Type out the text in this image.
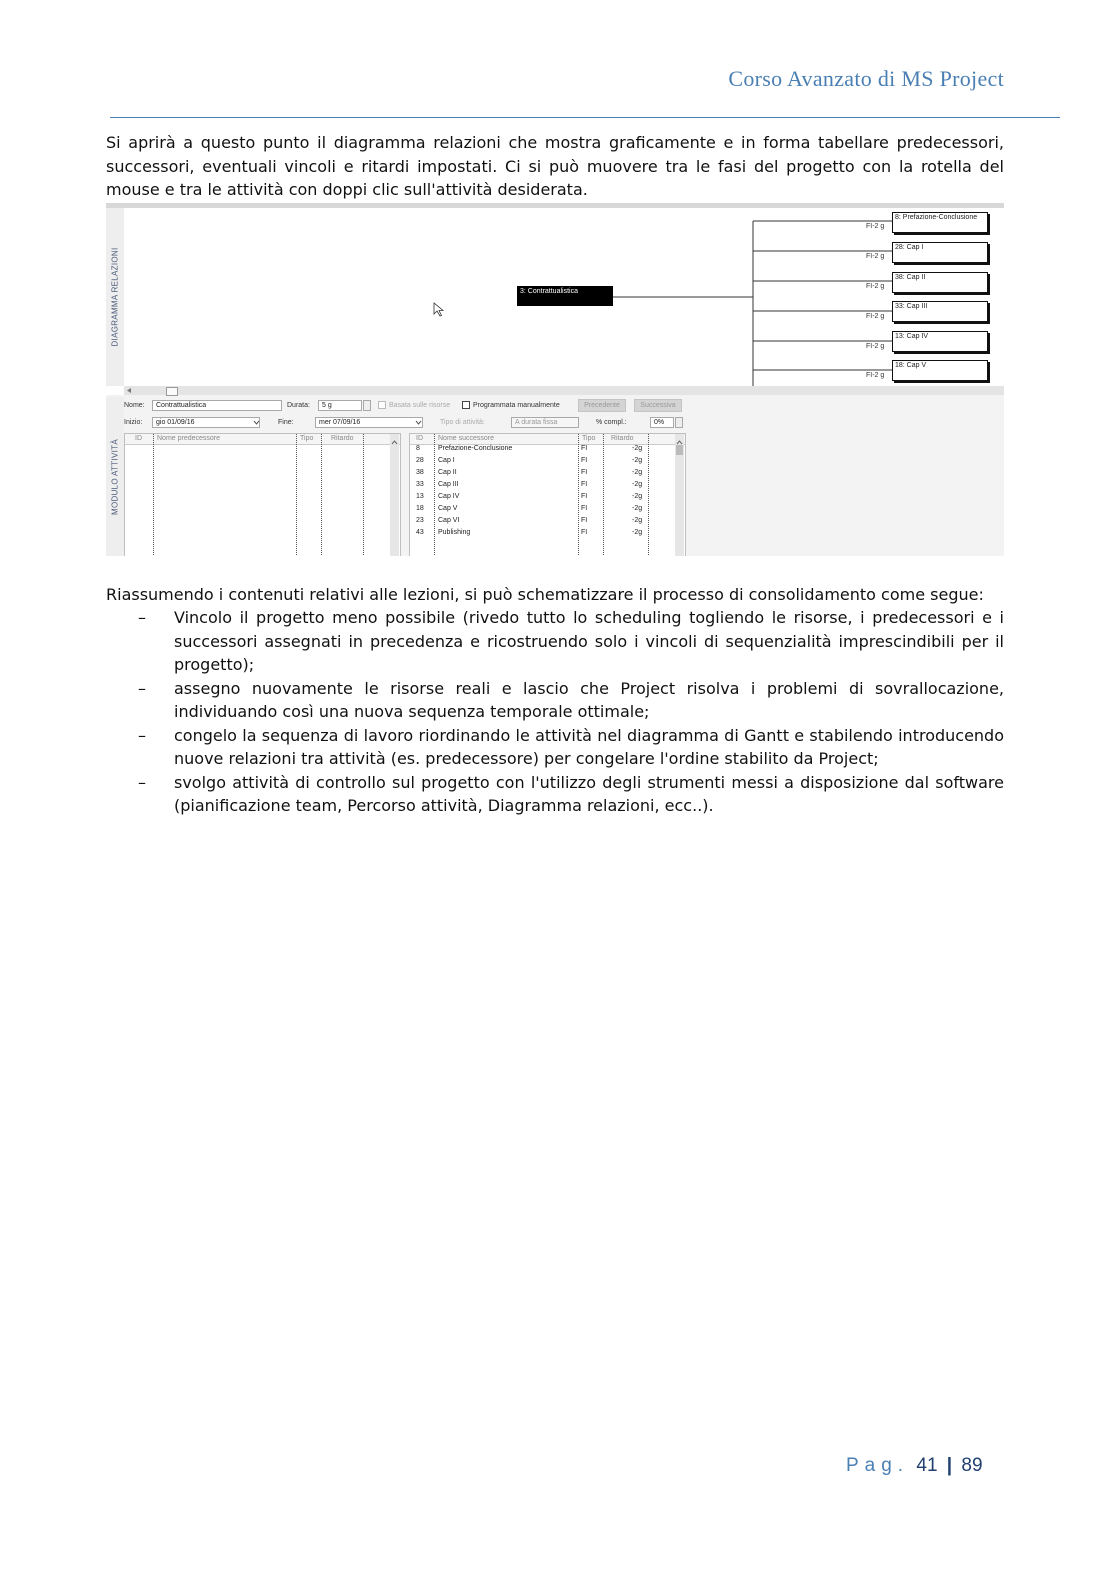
Corso Avanzato di MS Project
Si aprirà a questo punto il diagramma relazioni che mostra graficamente e in forma tabellare predecessori, successori, eventuali vincoli e ritardi impostati. Ci si può muovere tra le fasi del progetto con la rotella del mouse e tra le attività con doppi clic sull'attività desiderata.
DIAGRAMMA RELAZIONI	3: Contrattualistica
8: Prefazione-Conclusione
28: Cap I
38: Cap II
33: Cap III
13: Cap IV
18: Cap V
FI-2 g
FI-2 g
FI-2 g
FI-2 g
FI-2 g
FI-2 g
MODULO ATTIVITÀ
Nome:	Contrattualistica	Durata:	5 g	Basata sulle risorse	Programmata manualmente	Precedente	Successiva
Inizio:	gio 01/09/16	Fine:	mer 07/09/16	Tipo di attività:	A durata fissa	% compl.:	0%
ID Nome predecessore	Tipo	Ritardo	ID Nome successore	Tipo Ritardo
8	Prefazione-Conclusione	FI	-2g
28 Cap I	FI	-2g
38 Cap II	FI	-2g
33 Cap III	FI	-2g
13 Cap IV	FI	-2g
18 Cap V	FI	-2g
23 Cap VI	FI	-2g
43 Publishing	FI	-2g
Riassumendo i contenuti relativi alle lezioni, si può schematizzare il processo di consolidamento come segue:
– Vincolo il progetto meno possibile (rivedo tutto lo scheduling togliendo le risorse, i predecessori e i successori assegnati in precedenza e ricostruendo solo i vincoli di sequenzialità imprescindibili per il progetto);
– assegno nuovamente le risorse reali e lascio che Project risolva i problemi di sovrallocazione, individuando così una nuova sequenza temporale ottimale;
– congelo la sequenza di lavoro riordinando le attività nel diagramma di Gantt e stabilendo introducendo nuove relazioni tra attività (es. predecessore) per congelare l'ordine stabilito da Project;
– svolgo attività di controllo sul progetto con l'utilizzo degli strumenti messi a disposizione dal software (pianificazione team, Percorso attività, Diagramma relazioni, ecc..).
Pag. 41 | 89
